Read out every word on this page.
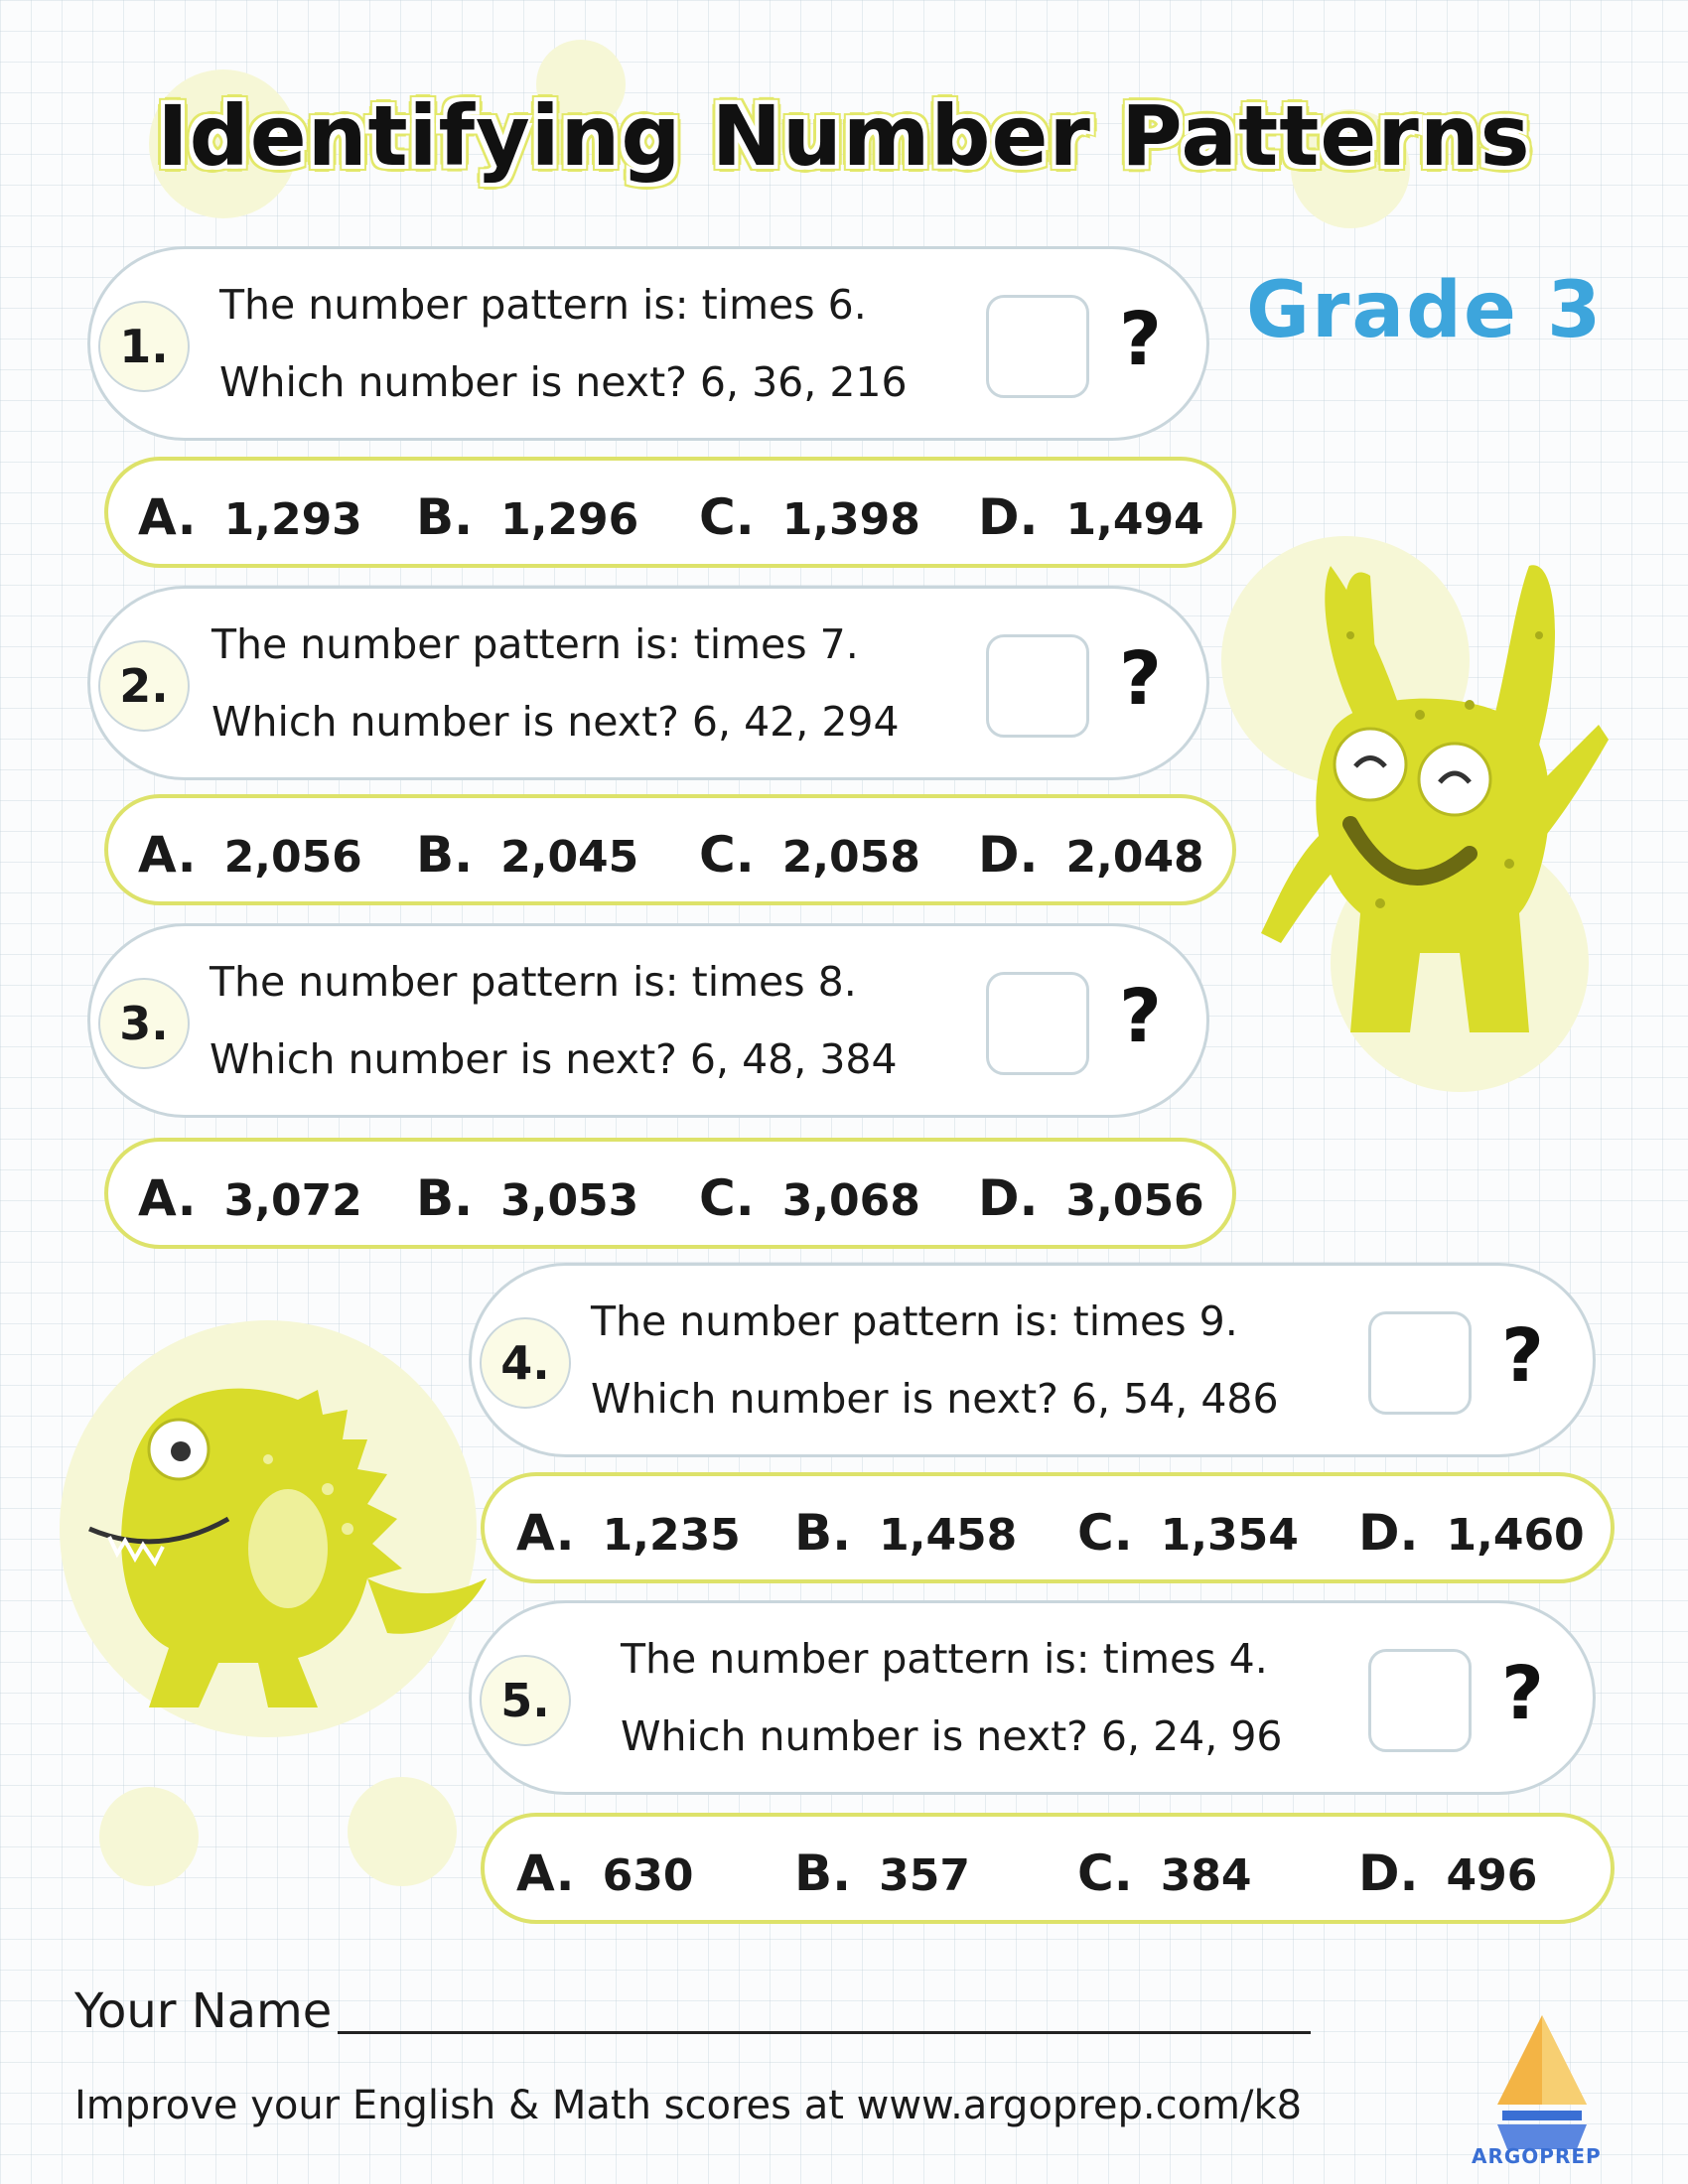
Identifying Number Patterns
Grade 3
1.
The number pattern is: times 6.
Which number is next? 6, 36, 216	?
A. 1,293 B. 1,296 C. 1,398 D. 1,494
2.
The number pattern is: times 7.
Which number is next? 6, 42, 294	?
A. 2,056 B. 2,045 C. 2,058 D. 2,048
3.
The number pattern is: times 8.
Which number is next? 6, 48, 384	?
A. 3,072 B. 3,053 C. 3,068 D. 3,056
4.
The number pattern is: times 9.
Which number is next? 6, 54, 486	?
A. 1,235 B. 1,458 C. 1,354 D. 1,460
5.
The number pattern is: times 4.
Which number is next? 6, 24, 96	?
A. 630 B. 357 C. 384 D. 496
Your Name
Improve your English & Math scores at www.argoprep.com/k8
ARGOPREP
